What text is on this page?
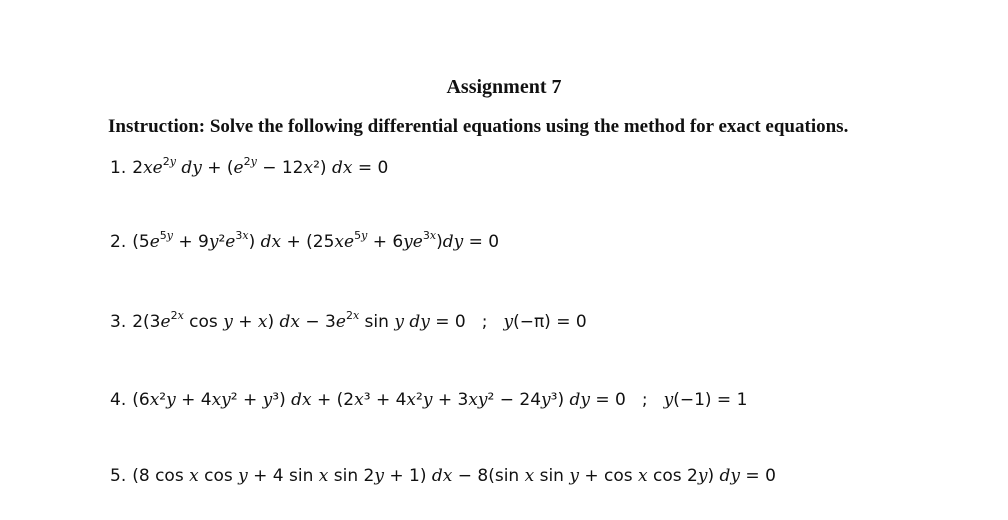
Assignment 7
Instruction: Solve the following differential equations using the method for exact equations.
1. $2xe^{2y}$ dy + $(e^{2y} - 12x^2)$ dx = 0
2. $(5e^{5y} + 9y^2e^{3x})$ dx + $(25xe^{5y} + 6ye^{3x})dy = 0$
3. $2(3e^{2x}$ cos y + x) dx − $3e^{2x}$ sin y dy = 0 ; y(−π) = 0
4. (6x²y + 4xy² + y³) dx + (2x³ + 4x²y + 3xy² − 24y³) dy = 0 ; y(−1) = 1
5. (8 cos x cos y + 4 sin x sin 2y + 1) dx − 8(sin x sin y + cos x cos 2y) dy = 0
